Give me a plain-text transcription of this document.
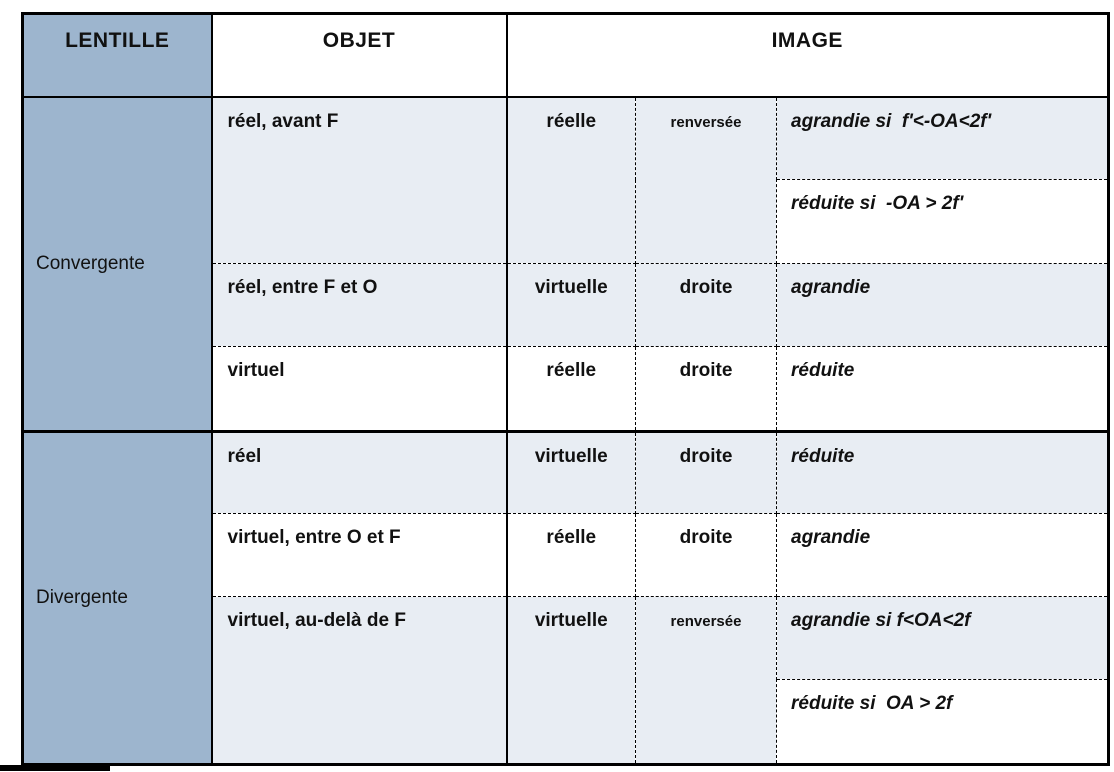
LENTILLE	OBJET	IMAGE		
Convergente	réel, avant F	réelle	renversée	agrandie si  f'<-OA<2f'
				réduite si  -OA > 2f'
	réel, entre F et O	virtuelle	droite	agrandie
	virtuel	réelle	droite	réduite
Divergente	réel	virtuelle	droite	réduite
	virtuel, entre O et F	réelle	droite	agrandie
	virtuel, au-delà de F	virtuelle	renversée	agrandie si f<OA<2f
				réduite si  OA > 2f
